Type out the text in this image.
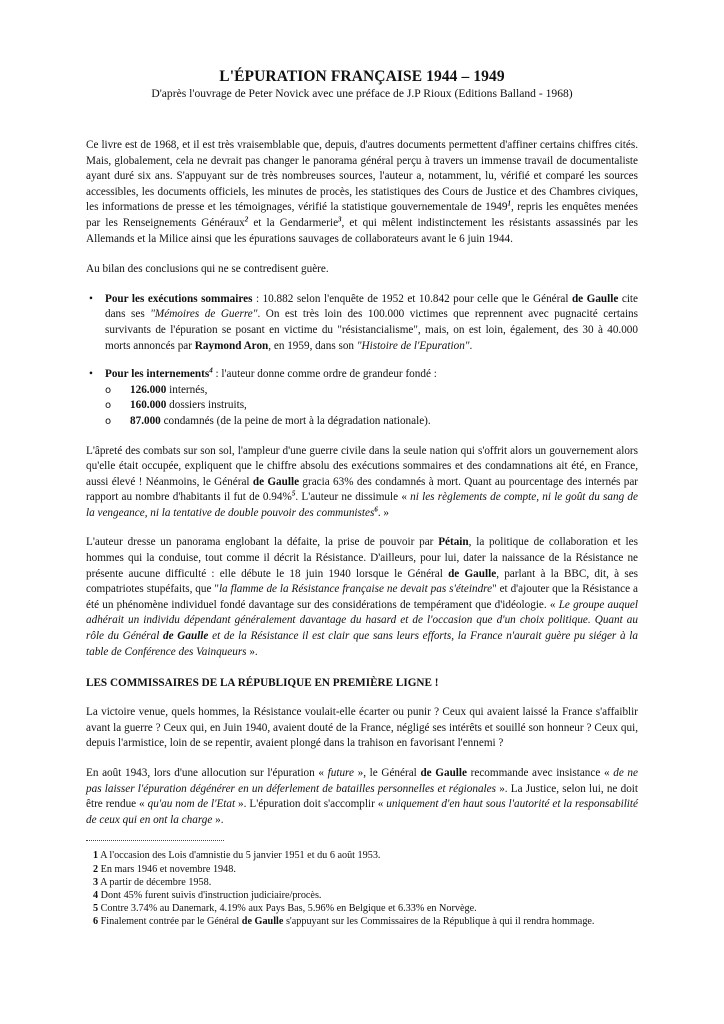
L'ÉPURATION FRANÇAISE 1944 – 1949

D'après l'ouvrage de Peter Novick avec une préface de J.P Rioux (Editions Balland - 1968)

Ce livre est de 1968, et il est très vraisemblable que, depuis, d'autres documents permettent d'affiner certains chiffres cités. Mais, globalement, cela ne devrait pas changer le panorama général perçu à travers un immense travail de documentaliste ayant duré six ans. S'appuyant sur de très nombreuses sources, l'auteur a, notamment, lu, vérifié et comparé les sources accessibles, les documents officiels, les minutes de procès, les statistiques des Cours de Justice et des Chambres civiques, les informations de presse et les témoignages, vérifié la statistique gouvernementale de 1949$^1$, repris les enquêtes menées par les Renseignements Généraux$^2$ et la Gendarmerie$^3$, et qui mêlent indistinctement les résistants assassinés par les Allemands et la Milice ainsi que les épurations sauvages de collaborateurs avant le 6 juin 1944.

Au bilan des conclusions qui ne se contredisent guère.

• Pour les exécutions sommaires : 10.882 selon l'enquête de 1952 et 10.842 pour celle que le Général de Gaulle cite dans ses "Mémoires de Guerre". On est très loin des 100.000 victimes que reprennent avec pugnacité certains survivants de l'épuration se posant en victime du "résistancialisme", mais, on est loin, également, des 30 à 40.000 morts annoncés par Raymond Aron, en 1959, dans son "Histoire de l'Epuration".
• Pour les internements$^4$ : l'auteur donne comme ordre de grandeur fondé :
o 126.000 internés,
o 160.000 dossiers instruits,
o 87.000 condamnés (de la peine de mort à la dégradation nationale).

L'âpreté des combats sur son sol, l'ampleur d'une guerre civile dans la seule nation qui s'offrit alors un gouvernement alors qu'elle était occupée, expliquent que le chiffre absolu des exécutions sommaires et des condamnations ait été, en France, aussi élevé ! Néanmoins, le Général de Gaulle gracia 63% des condamnés à mort. Quant au pourcentage des internés par rapport au nombre d'habitants il fut de 0.94%$^5$. L'auteur ne dissimule « ni les règlements de compte, ni le goût du sang de la vengeance, ni la tentative de double pouvoir des communistes$^6$. »

L'auteur dresse un panorama englobant la défaite, la prise de pouvoir par Pétain, la politique de collaboration et les hommes qui la conduise, tout comme il décrit la Résistance. D'ailleurs, pour lui, dater la naissance de la Résistance ne présente aucune difficulté : elle débute le 18 juin 1940 lorsque le Général de Gaulle, parlant à la BBC, dit, à ses compatriotes stupéfaits, que "la flamme de la Résistance française ne devait pas s'éteindre" et d'ajouter que la Résistance a été un phénomène individuel fondé davantage sur des considérations de tempérament que d'idéologie. « Le groupe auquel adhérait un individu dépendant généralement davantage du hasard et de l'occasion que d'un choix politique. Quant au rôle du Général de Gaulle et de la Résistance il est clair que sans leurs efforts, la France n'aurait guère pu siéger à la table de Conférence des Vainqueurs ».

LES COMMISSAIRES DE LA RÉPUBLIQUE EN PREMIÈRE LIGNE !

La victoire venue, quels hommes, la Résistance voulait-elle écarter ou punir ? Ceux qui avaient laissé la France s'affaiblir avant la guerre ? Ceux qui, en Juin 1940, avaient douté de la France, négligé ses intérêts et souillé son honneur ? Ceux qui, depuis l'armistice, loin de se repentir, avaient plongé dans la trahison en favorisant l'ennemi ?

En août 1943, lors d'une allocution sur l'épuration « future », le Général de Gaulle recommande avec insistance « de ne pas laisser l'épuration dégénérer en un déferlement de batailles personnelles et régionales ». La Justice, selon lui, ne doit être rendue « qu'au nom de l'Etat ». L'épuration doit s'accomplir « uniquement d'en haut sous l'autorité et la responsabilité de ceux qui en ont la charge ».

1 A l'occasion des Lois d'amnistie du 5 janvier 1951 et du 6 août 1953.

2 En mars 1946 et novembre 1948.

3 A partir de décembre 1958.

4 Dont 45% furent suivis d'instruction judiciaire/procès.

5 Contre 3.74% au Danemark, 4.19% aux Pays Bas, 5.96% en Belgique et 6.33% en Norvège.

6 Finalement contrée par le Général de Gaulle s'appuyant sur les Commissaires de la République à qui il rendra hommage.
